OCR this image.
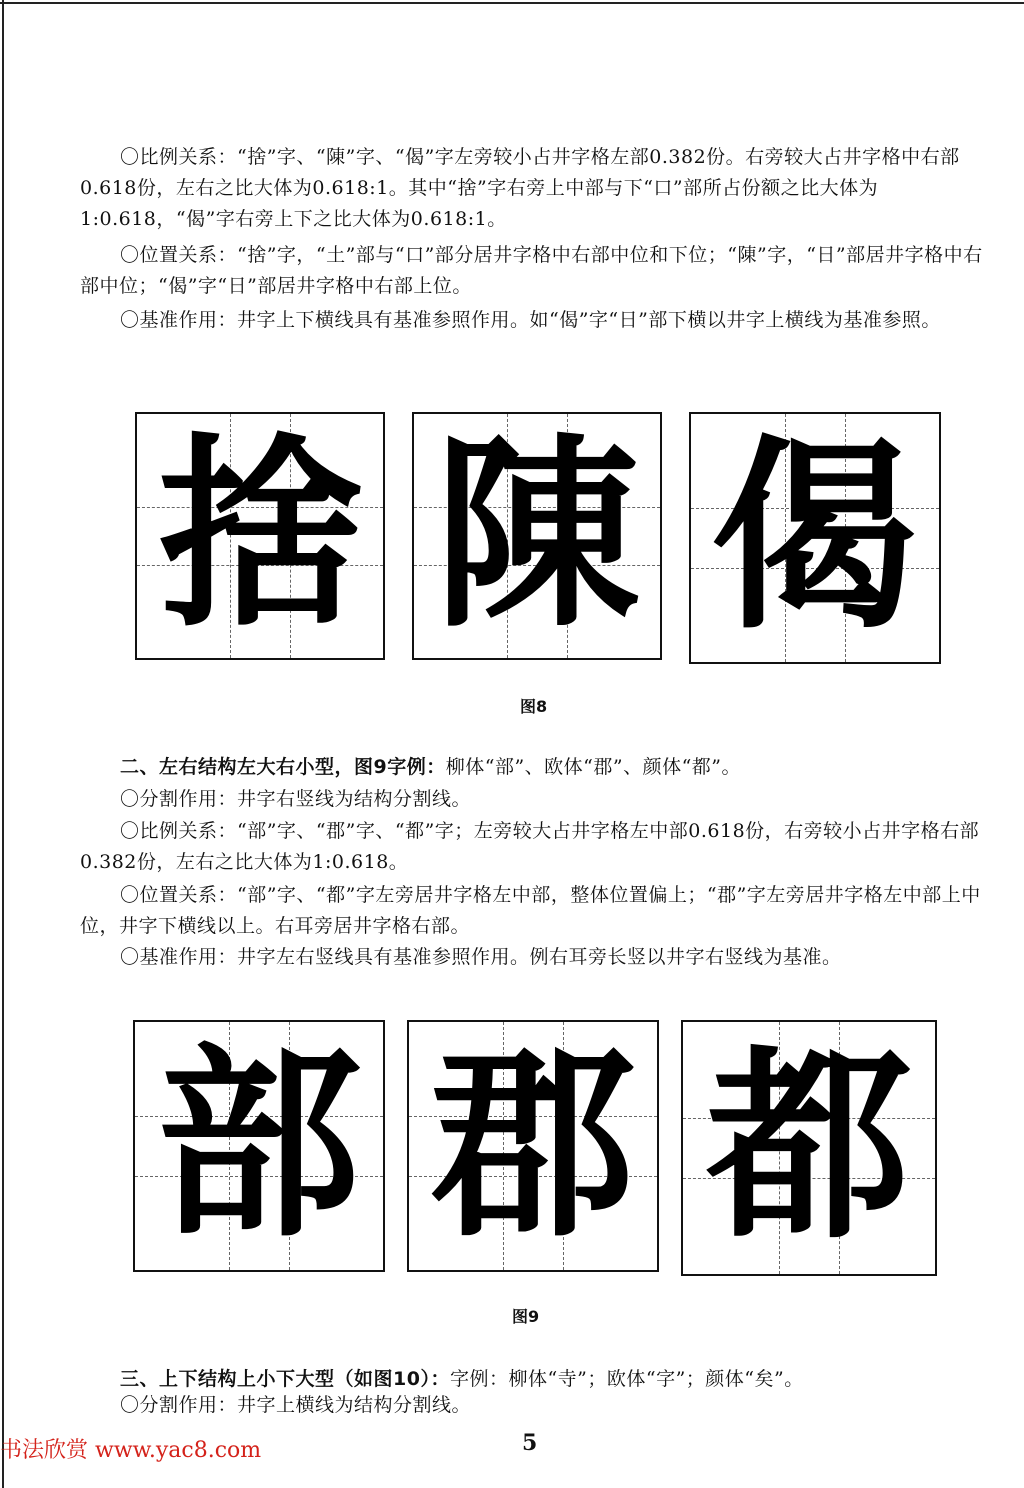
〇比例关系：“捨”字、“陳”字、“偈”字左旁较小占井字格左部0.382份。右旁较大占井字格中右部0.618份，左右之比大体为0.618:1。其中“捨”字右旁上中部与下“口”部所占份额之比大体为1:0.618，“偈”字右旁上下之比大体为0.618:1。

〇位置关系：“捨”字，“土”部与“口”部分居井字格中右部中位和下位；“陳”字，“日”部居井字格中右部中位；“偈”字“日”部居井字格中右部上位。

〇基准作用：井字上下横线具有基准参照作用。如“偈”字“日”部下横以井字上横线为基准参照。

捨 陳 偈
图8

二、左右结构左大右小型，图9字例：柳体“部”、欧体“郡”、颜体“都”。

〇分割作用：井字右竖线为结构分割线。

〇比例关系：“部”字、“郡”字、“都”字；左旁较大占井字格左中部0.618份，右旁较小占井字格右部0.382份，左右之比大体为1:0.618。

〇位置关系：“部”字、“都”字左旁居井字格左中部，整体位置偏上；“郡”字左旁居井字格左中部上中位，井字下横线以上。右耳旁居井字格右部。

〇基准作用：井字左右竖线具有基准参照作用。例右耳旁长竖以井字右竖线为基准。

部 郡 都
图9

三、上下结构上小下大型（如图10）：字例：柳体“寺”；欧体“字”；颜体“矣”。

〇分割作用：井字上横线为结构分割线。

书法欣赏 www.yac8.com	5
